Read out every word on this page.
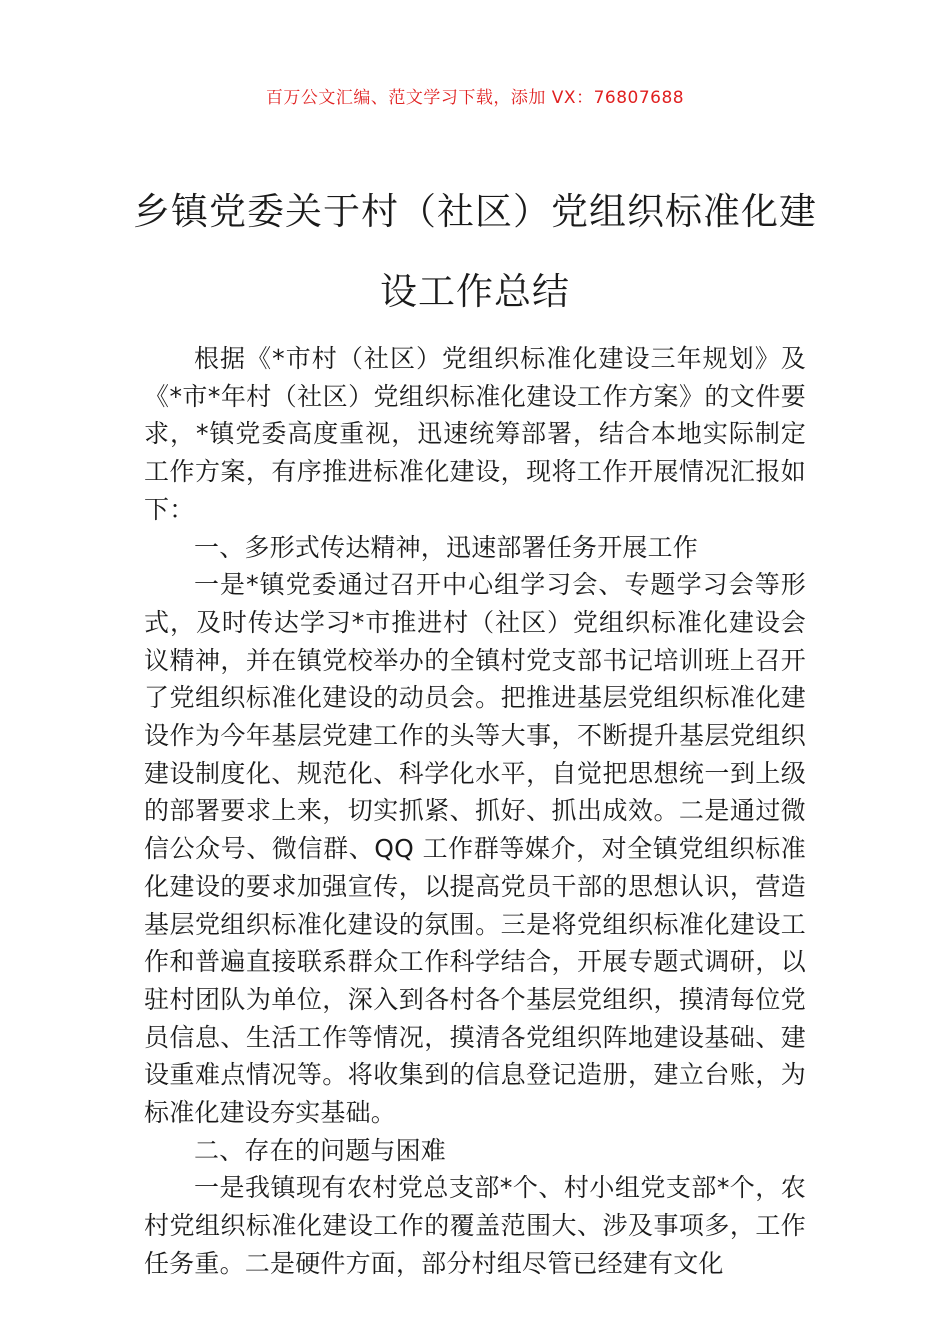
百万公文汇编、范文学习下载，添加 VX：76807688
乡镇党委关于村（社区）党组织标准化建设工作总结

根据《*市村（社区）党组织标准化建设三年规划》及《*市*年村（社区）党组织标准化建设工作方案》的文件要求，*镇党委高度重视，迅速统筹部署，结合本地实际制定工作方案，有序推进标准化建设，现将工作开展情况汇报如下：

一、多形式传达精神，迅速部署任务开展工作

一是*镇党委通过召开中心组学习会、专题学习会等形式，及时传达学习*市推进村（社区）党组织标准化建设会议精神，并在镇党校举办的全镇村党支部书记培训班上召开了党组织标准化建设的动员会。把推进基层党组织标准化建设作为今年基层党建工作的头等大事，不断提升基层党组织建设制度化、规范化、科学化水平，自觉把思想统一到上级的部署要求上来，切实抓紧、抓好、抓出成效。二是通过微信公众号、微信群、QQ 工作群等媒介，对全镇党组织标准化建设的要求加强宣传，以提高党员干部的思想认识，营造基层党组织标准化建设的氛围。三是将党组织标准化建设工作和普遍直接联系群众工作科学结合，开展专题式调研，以驻村团队为单位，深入到各村各个基层党组织，摸清每位党员信息、生活工作等情况，摸清各党组织阵地建设基础、建设重难点情况等。将收集到的信息登记造册，建立台账，为标准化建设夯实基础。

二、存在的问题与困难

一是我镇现有农村党总支部*个、村小组党支部*个，农村党组织标准化建设工作的覆盖范围大、涉及事项多，工作任务重。二是硬件方面，部分村组尽管已经建有文化
